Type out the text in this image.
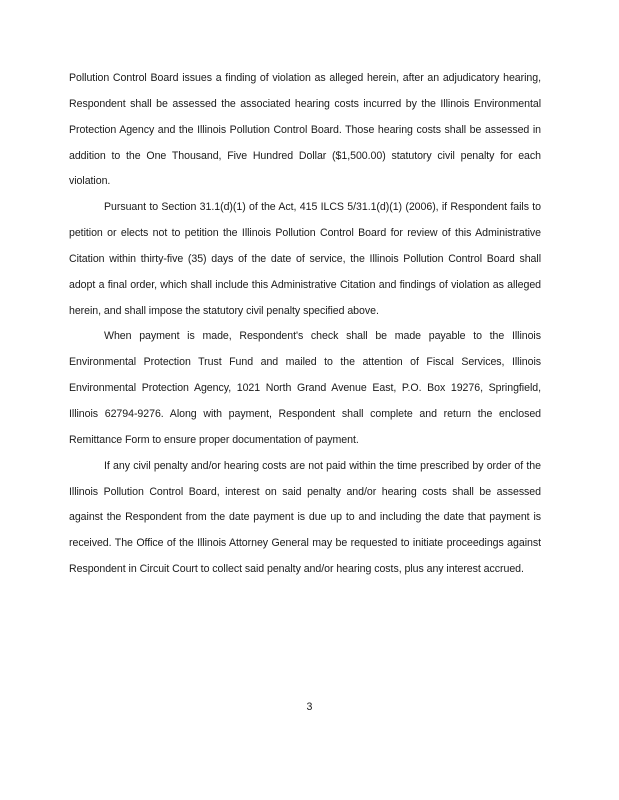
Pollution Control Board issues a finding of violation as alleged herein, after an adjudicatory hearing, Respondent shall be assessed the associated hearing costs incurred by the Illinois Environmental Protection Agency and the Illinois Pollution Control Board. Those hearing costs shall be assessed in addition to the One Thousand, Five Hundred Dollar ($1,500.00) statutory civil penalty for each violation.

Pursuant to Section 31.1(d)(1) of the Act, 415 ILCS 5/31.1(d)(1) (2006), if Respondent fails to petition or elects not to petition the Illinois Pollution Control Board for review of this Administrative Citation within thirty-five (35) days of the date of service, the Illinois Pollution Control Board shall adopt a final order, which shall include this Administrative Citation and findings of violation as alleged herein, and shall impose the statutory civil penalty specified above.

When payment is made, Respondent's check shall be made payable to the Illinois Environmental Protection Trust Fund and mailed to the attention of Fiscal Services, Illinois Environmental Protection Agency, 1021 North Grand Avenue East, P.O. Box 19276, Springfield, Illinois 62794-9276. Along with payment, Respondent shall complete and return the enclosed Remittance Form to ensure proper documentation of payment.

If any civil penalty and/or hearing costs are not paid within the time prescribed by order of the Illinois Pollution Control Board, interest on said penalty and/or hearing costs shall be assessed against the Respondent from the date payment is due up to and including the date that payment is received. The Office of the Illinois Attorney General may be requested to initiate proceedings against Respondent in Circuit Court to collect said penalty and/or hearing costs, plus any interest accrued.

3
